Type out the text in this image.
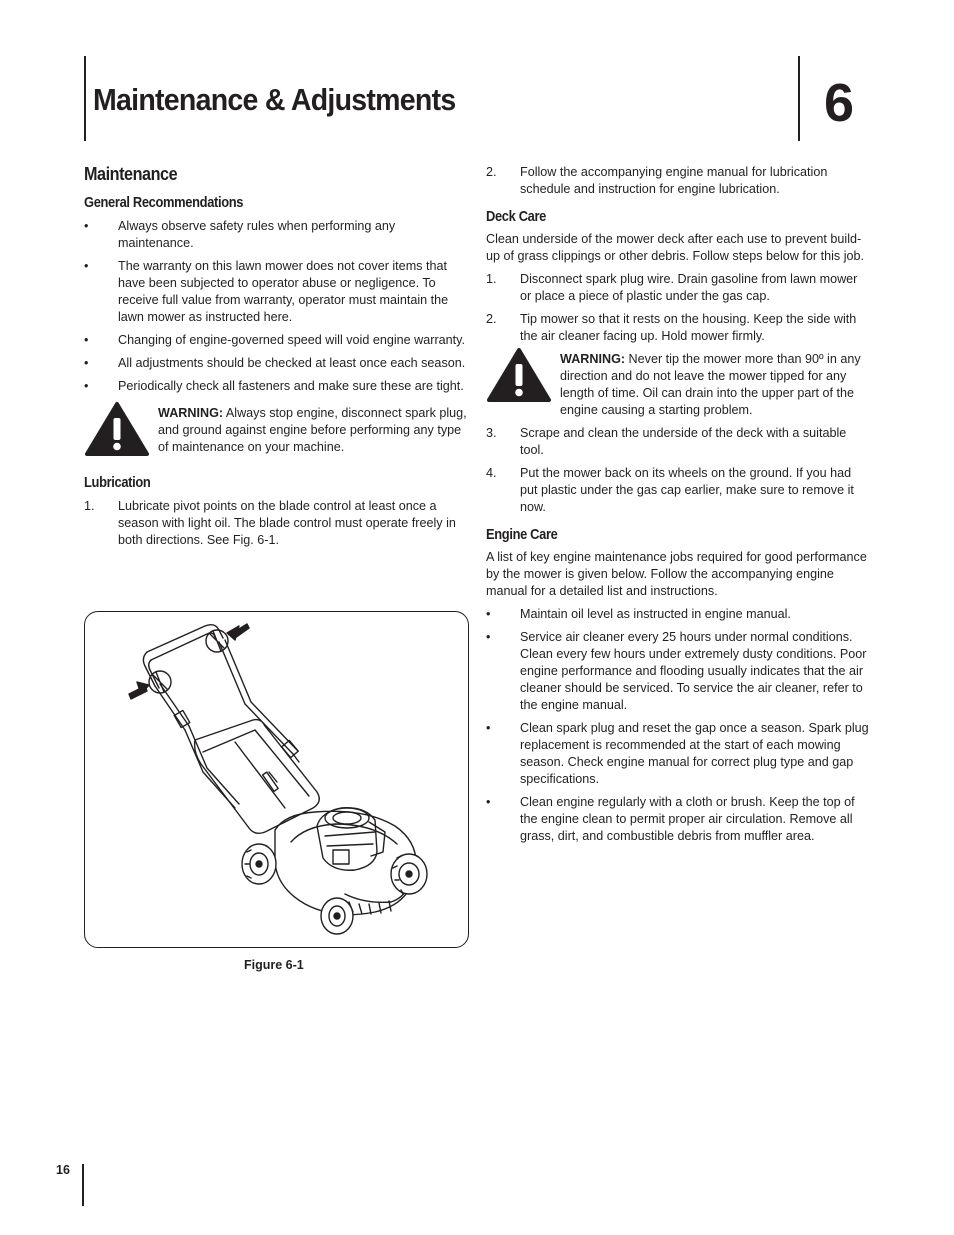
Maintenance & Adjustments	6
Maintenance
General Recommendations
• Always observe safety rules when performing any maintenance.
• The warranty on this lawn mower does not cover items that have been subjected to operator abuse or negligence. To receive full value from warranty, operator must maintain the lawn mower as instructed here.
• Changing of engine-governed speed will void engine warranty.
• All adjustments should be checked at least once each season.
• Periodically check all fasteners and make sure these are tight.
WARNING: Always stop engine, disconnect spark plug, and ground against engine before performing any type of maintenance on your machine.
Lubrication
1. Lubricate pivot points on the blade control at least once a season with light oil. The blade control must operate freely in both directions. See Fig. 6-1.
Figure 6-1
2. Follow the accompanying engine manual for lubrication schedule and instruction for engine lubrication.
Deck Care
Clean underside of the mower deck after each use to prevent build-up of grass clippings or other debris. Follow steps below for this job.
1. Disconnect spark plug wire. Drain gasoline from lawn mower or place a piece of plastic under the gas cap.
2. Tip mower so that it rests on the housing. Keep the side with the air cleaner facing up. Hold mower firmly.
WARNING: Never tip the mower more than 90º in any direction and do not leave the mower tipped for any length of time. Oil can drain into the upper part of the engine causing a starting problem.
3. Scrape and clean the underside of the deck with a suitable tool.
4. Put the mower back on its wheels on the ground. If you had put plastic under the gas cap earlier, make sure to remove it now.
Engine Care
A list of key engine maintenance jobs required for good performance by the mower is given below. Follow the accompanying engine manual for a detailed list and instructions.
• Maintain oil level as instructed in engine manual.
• Service air cleaner every 25 hours under normal conditions. Clean every few hours under extremely dusty conditions. Poor engine performance and flooding usually indicates that the air cleaner should be serviced. To service the air cleaner, refer to the engine manual.
• Clean spark plug and reset the gap once a season. Spark plug replacement is recommended at the start of each mowing season. Check engine manual for correct plug type and gap specifications.
• Clean engine regularly with a cloth or brush. Keep the top of the engine clean to permit proper air circulation. Remove all grass, dirt, and combustible debris from muffler area.
16
